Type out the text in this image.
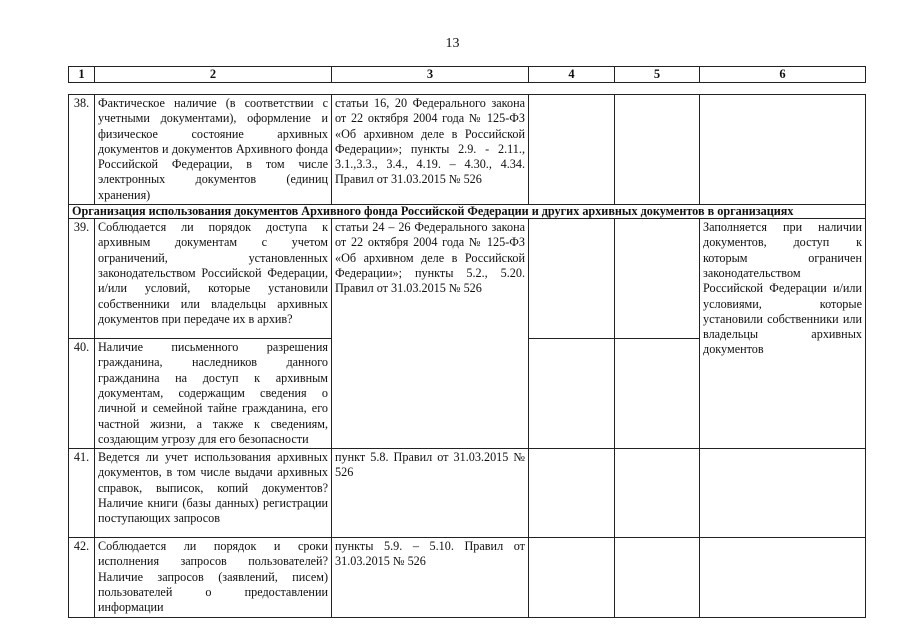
13
1	2	3	4	5	6
38.	Фактическое наличие (в соответствии с учетными документами), оформление и физическое состояние архивных документов и документов Архивного фонда Российской Федерации, в том числе электронных документов (единиц хранения)	статьи 16, 20 Федерального закона от 22 октября 2004 года № 125-ФЗ «Об архивном деле в Российской Федерации»; пункты 2.9. - 2.11., 3.1.,3.3., 3.4., 4.19. – 4.30., 4.34. Правил от 31.03.2015 № 526			
Организация использования документов Архивного фонда Российской Федерации и других архивных документов в организациях					
39.	Соблюдается ли порядок доступа к архивным документам с учетом ограничений, установленных законодательством Российской Федерации, и/или условий, которые установили собственники или владельцы архивных документов при передаче их в архив?	статьи 24 – 26 Федерального закона от 22 октября 2004 года № 125-ФЗ «Об архивном деле в Российской Федерации»; пункты 5.2., 5.20. Правил от 31.03.2015 № 526			Заполняется при наличии документов, доступ к которым ограничен законодательством Российской Федерации и/или условиями, которые установили собственники или владельцы архивных документов
40.	Наличие письменного разрешения гражданина, наследников данного гражданина на доступ к архивным документам, содержащим сведения о личной и семейной тайне гражданина, его частной жизни, а также к сведениям, создающим угрозу для его безопасности				
41.	Ведется ли учет использования архивных документов, в том числе выдачи архивных справок, выписок, копий документов? Наличие книги (базы данных) регистрации поступающих запросов	пункт 5.8. Правил от 31.03.2015 № 526			
42.	Соблюдается ли порядок и сроки исполнения запросов пользователей? Наличие запросов (заявлений, писем) пользователей о предоставлении информации	пункты 5.9. – 5.10. Правил от 31.03.2015 № 526			
